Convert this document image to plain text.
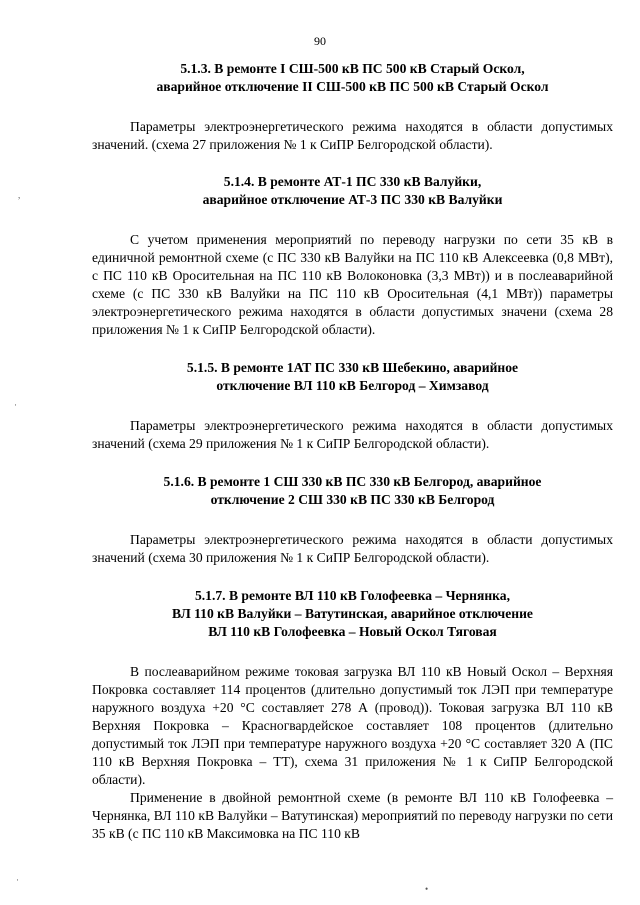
90
5.1.3. В ремонте I СШ-500 кВ ПС 500 кВ Старый Оскол,
аварийное отключение II СШ-500 кВ ПС 500 кВ Старый Оскол

Параметры электроэнергетического режима находятся в области допустимых значений. (схема 27 приложения № 1 к СиПР Белгородской области).

5.1.4. В ремонте АТ-1 ПС 330 кВ Валуйки,
аварийное отключение АТ-3 ПС 330 кВ Валуйки

С учетом применения мероприятий по переводу нагрузки по сети 35 кВ в единичной ремонтной схеме (с ПС 330 кВ Валуйки на ПС 110 кВ Алексеевка (0,8 МВт), с ПС 110 кВ Оросительная на ПС 110 кВ Волоконовка (3,3 МВт)) и в послеаварийной схеме (с ПС 330 кВ Валуйки на ПС 110 кВ Оросительная (4,1 МВт)) параметры электроэнергетического режима находятся в области допустимых значени (схема 28 приложения № 1 к СиПР Белгородской области).

5.1.5. В ремонте 1АТ ПС 330 кВ Шебекино, аварийное
отключение ВЛ 110 кВ Белгород – Химзавод

Параметры электроэнергетического режима находятся в области допустимых значений (схема 29 приложения № 1 к СиПР Белгородской области).

5.1.6. В ремонте 1 СШ 330 кВ ПС 330 кВ Белгород, аварийное
отключение 2 СШ 330 кВ ПС 330 кВ Белгород

Параметры электроэнергетического режима находятся в области допустимых значений (схема 30 приложения № 1 к СиПР Белгородской области).

5.1.7. В ремонте ВЛ 110 кВ Голофеевка – Чернянка,
ВЛ 110 кВ Валуйки – Ватутинская, аварийное отключение
ВЛ 110 кВ Голофеевка – Новый Оскол Тяговая

В послеаварийном режиме токовая загрузка ВЛ 110 кВ Новый Оскол – Верхняя Покровка составляет 114 процентов (длительно допустимый ток ЛЭП при температуре наружного воздуха +20 °С составляет 278 А (провод)). Токовая загрузка ВЛ 110 кВ Верхняя Покровка – Красногвардейское составляет 108 процентов (длительно допустимый ток ЛЭП при температуре наружного воздуха +20 °С составляет 320 А (ПС 110 кВ Верхняя Покровка – ТТ), схема 31 приложения № 1 к СиПР Белгородской области).

Применение в двойной ремонтной схеме (в ремонте ВЛ 110 кВ Голофеевка – Чернянка, ВЛ 110 кВ Валуйки – Ватутинская) мероприятий по переводу нагрузки по сети 35 кВ (с ПС 110 кВ Максимовка на ПС 110 кВ

,
·
·
•
